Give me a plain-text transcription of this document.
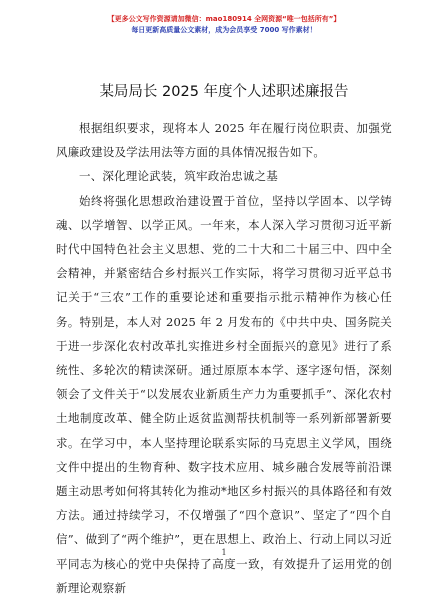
【更多公文写作资源请加微信：mao180914 全网资源“唯一包括所有”】
每日更新高质量公文素材，成为会员享受 7000 写作素材！
某局局长 2025 年度个人述职述廉报告

根据组织要求，现将本人 2025 年在履行岗位职责、加强党风廉政建设及学法用法等方面的具体情况报告如下。

一、深化理论武装，筑牢政治忠诚之基

始终将强化思想政治建设置于首位，坚持以学固本、以学铸魂、以学增智、以学正风。一年来，本人深入学习贯彻习近平新时代中国特色社会主义思想、党的二十大和二十届三中、四中全会精神，并紧密结合乡村振兴工作实际，将学习贯彻习近平总书记关于“三农”工作的重要论述和重要指示批示精神作为核心任务。特别是，本人对 2025 年 2 月发布的《中共中央、国务院关于进一步深化农村改革扎实推进乡村全面振兴的意见》进行了系统性、多轮次的精读深研。通过原原本本学、逐字逐句悟，深刻领会了文件关于“以发展农业新质生产力为重要抓手”、深化农村土地制度改革、健全防止返贫监测帮扶机制等一系列新部署新要求。在学习中，本人坚持理论联系实际的马克思主义学风，围绕文件中提出的生物育种、数字技术应用、城乡融合发展等前沿课题主动思考如何将其转化为推动*地区乡村振兴的具体路径和有效方法。通过持续学习，不仅增强了“四个意识”、坚定了“四个自信”、做到了“两个维护”，更在思想上、政治上、行动上同以习近平同志为核心的党中央保持了高度一致，有效提升了运用党的创新理论观察新

1
